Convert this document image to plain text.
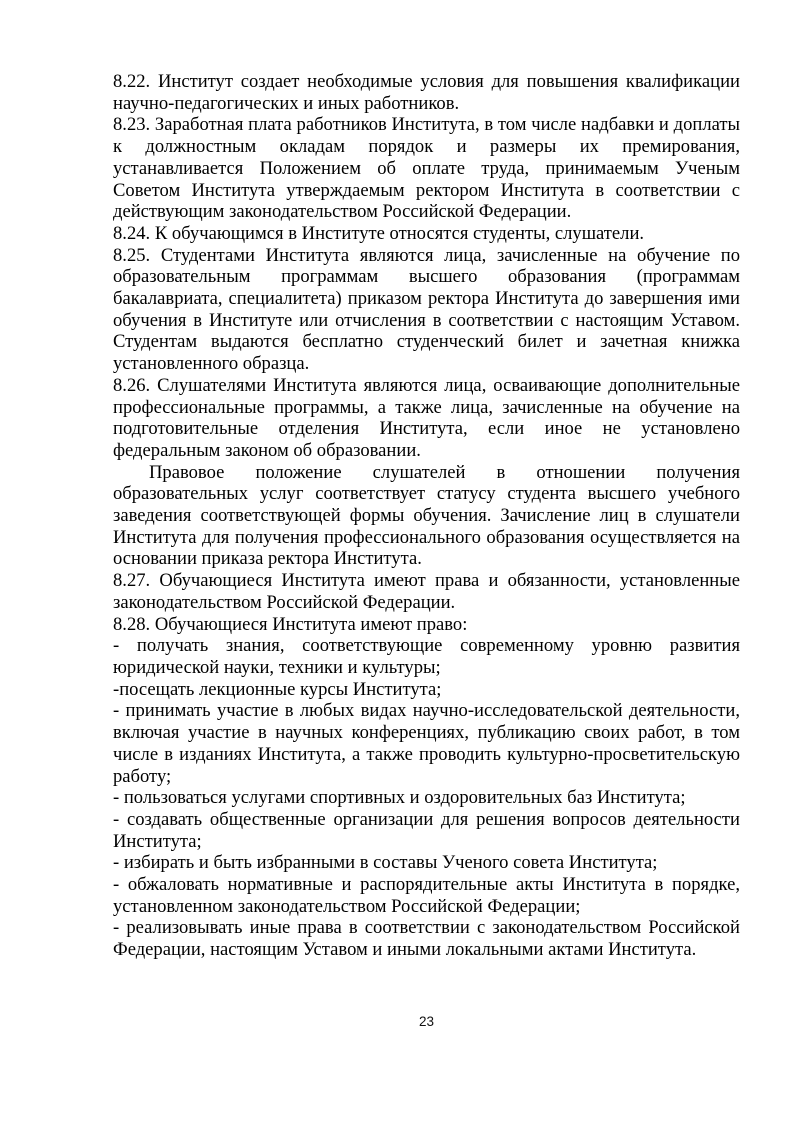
8.22. Институт создает необходимые условия для повышения квалификации научно-педагогических и иных работников.

8.23. Заработная плата работников Института, в том числе надбавки и доплаты к должностным окладам порядок и размеры их премирования, устанавливается Положением об оплате труда, принимаемым Ученым Советом Института утверждаемым ректором Института в соответствии с действующим законодательством Российской Федерации.

8.24. К обучающимся в Институте относятся студенты, слушатели.

8.25. Студентами Института являются лица, зачисленные на обучение по образовательным программам высшего образования (программам бакалавриата, специалитета) приказом ректора Института до завершения ими обучения в Институте или отчисления в соответствии с настоящим Уставом. Студентам выдаются бесплатно студенческий билет и зачетная книжка установленного образца.

8.26. Слушателями Института являются лица, осваивающие дополнительные профессиональные программы, а также лица, зачисленные на обучение на подготовительные отделения Института, если иное не установлено федеральным законом об образовании.

Правовое положение слушателей в отношении получения образовательных услуг соответствует статусу студента высшего учебного заведения соответствующей формы обучения. Зачисление лиц в слушатели Института для получения профессионального образования осуществляется на основании приказа ректора Института.

8.27. Обучающиеся Института имеют права и обязанности, установленные законодательством Российской Федерации.

8.28. Обучающиеся Института имеют право:

- получать знания, соответствующие современному уровню развития юридической науки, техники и культуры;

-посещать лекционные курсы Института;

- принимать участие в любых видах научно-исследовательской деятельности, включая участие в научных конференциях, публикацию своих работ, в том числе в изданиях Института, а также проводить культурно-просветительскую работу;

- пользоваться услугами спортивных и оздоровительных баз Института;

- создавать общественные организации для решения вопросов деятельности Института;

- избирать и быть избранными в составы Ученого совета Института;

- обжаловать нормативные и распорядительные акты Института в порядке, установленном законодательством Российской Федерации;

- реализовывать иные права в соответствии с законодательством Российской Федерации, настоящим Уставом и иными локальными актами Института.

23
